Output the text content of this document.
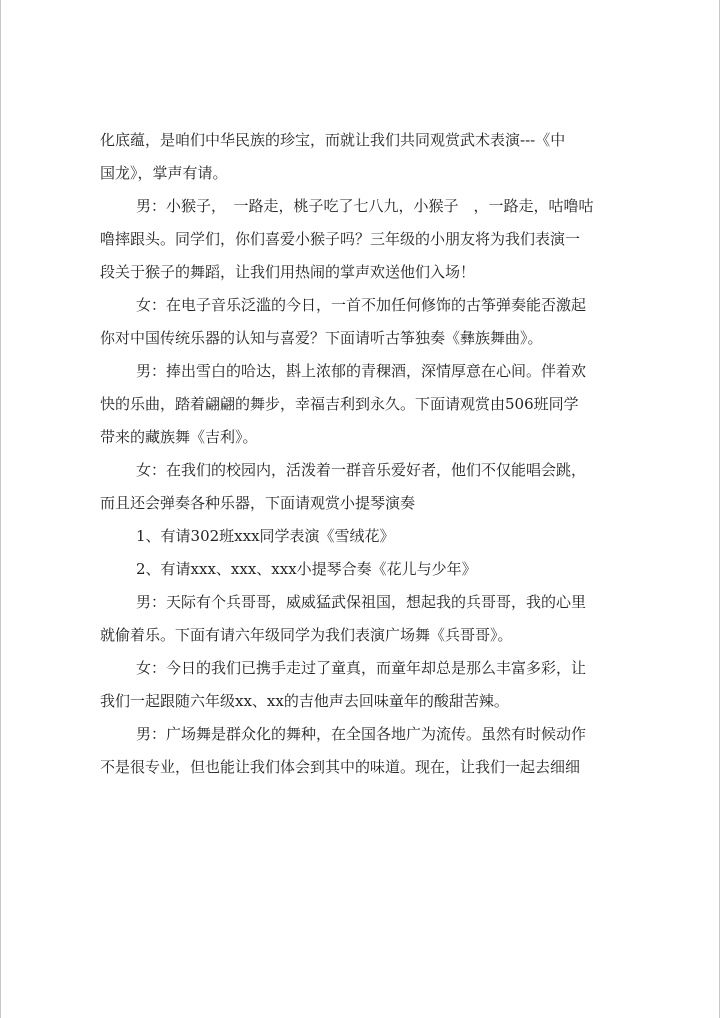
化底蕴，是咱们中华民族的珍宝，而就让我们共同观赏武术表演---《中
国龙》，掌声有请。
男：小猴子，　一路走，桃子吃了七八九，小猴子　，一路走，咕噜咕
噜摔跟头。同学们，你们喜爱小猴子吗？三年级的小朋友将为我们表演一
段关于猴子的舞蹈，让我们用热闹的掌声欢送他们入场！
女：在电子音乐泛滥的今日，一首不加任何修饰的古筝弹奏能否激起
你对中国传统乐器的认知与喜爱？下面请听古筝独奏《彝族舞曲》。
男：捧出雪白的哈达，斟上浓郁的青稞酒，深情厚意在心间。伴着欢
快的乐曲，踏着翩翩的舞步，幸福吉利到永久。下面请观赏由506班同学
带来的藏族舞《吉利》。
女：在我们的校园内，活泼着一群音乐爱好者，他们不仅能唱会跳，
而且还会弹奏各种乐器，下面请观赏小提琴演奏
1、有请302班xxx同学表演《雪绒花》
2、有请xxx、xxx、xxx小提琴合奏《花儿与少年》
男：天际有个兵哥哥，威威猛武保祖国，想起我的兵哥哥，我的心里
就偷着乐。下面有请六年级同学为我们表演广场舞《兵哥哥》。
女：今日的我们已携手走过了童真，而童年却总是那么丰富多彩，让
我们一起跟随六年级xx、xx的吉他声去回味童年的酸甜苦辣。
男：广场舞是群众化的舞种，在全国各地广为流传。虽然有时候动作
不是很专业，但也能让我们体会到其中的味道。现在，让我们一起去细细
